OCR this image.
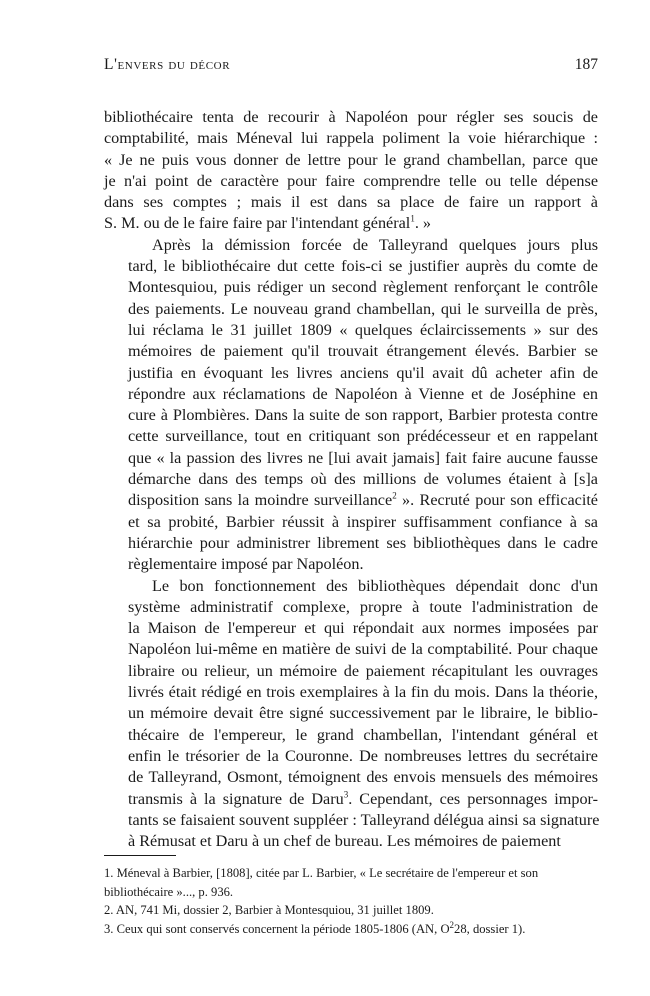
L'envers du décor	187
bibliothécaire tenta de recourir à Napoléon pour régler ses soucis de
comptabilité, mais Méneval lui rappela poliment la voie hiérarchique :
« Je ne puis vous donner de lettre pour le grand chambellan, parce que
je n'ai point de caractère pour faire comprendre telle ou telle dépense
dans ses comptes ; mais il est dans sa place de faire un rapport à
S. M. ou de le faire faire par l'intendant général$^1$. »
Après la démission forcée de Talleyrand quelques jours plus
tard, le bibliothécaire dut cette fois-ci se justifier auprès du comte de
Montesquiou, puis rédiger un second règlement renforçant le contrôle
des paiements. Le nouveau grand chambellan, qui le surveilla de près,
lui réclama le 31 juillet 1809 « quelques éclaircissements » sur des
mémoires de paiement qu'il trouvait étrangement élevés. Barbier se
justifia en évoquant les livres anciens qu'il avait dû acheter afin de
répondre aux réclamations de Napoléon à Vienne et de Joséphine en
cure à Plombières. Dans la suite de son rapport, Barbier protesta contre
cette surveillance, tout en critiquant son prédécesseur et en rappelant
que « la passion des livres ne [lui avait jamais] fait faire aucune fausse
démarche dans des temps où des millions de volumes étaient à [s]a
disposition sans la moindre surveillance$^2$ ». Recruté pour son efficacité
et sa probité, Barbier réussit à inspirer suffisamment confiance à sa
hiérarchie pour administrer librement ses bibliothèques dans le cadre
règlementaire imposé par Napoléon.
Le bon fonctionnement des bibliothèques dépendait donc d'un
système administratif complexe, propre à toute l'administration de
la Maison de l'empereur et qui répondait aux normes imposées par
Napoléon lui-même en matière de suivi de la comptabilité. Pour chaque
libraire ou relieur, un mémoire de paiement récapitulant les ouvrages
livrés était rédigé en trois exemplaires à la fin du mois. Dans la théorie,
un mémoire devait être signé successivement par le libraire, le biblio-
thécaire de l'empereur, le grand chambellan, l'intendant général et
enfin le trésorier de la Couronne. De nombreuses lettres du secrétaire
de Talleyrand, Osmont, témoignent des envois mensuels des mémoires
transmis à la signature de Daru$^3$. Cependant, ces personnages impor-
tants se faisaient souvent suppléer : Talleyrand délégua ainsi sa signature
à Rémusat et Daru à un chef de bureau. Les mémoires de paiement
1. Méneval à Barbier, [1808], citée par L. Barbier, « Le secrétaire de l'empereur et son
bibliothécaire »..., p. 936.
2. AN, 741 Mi, dossier 2, Barbier à Montesquiou, 31 juillet 1809.
3. Ceux qui sont conservés concernent la période 1805-1806 (AN, $O^228$, dossier 1).
